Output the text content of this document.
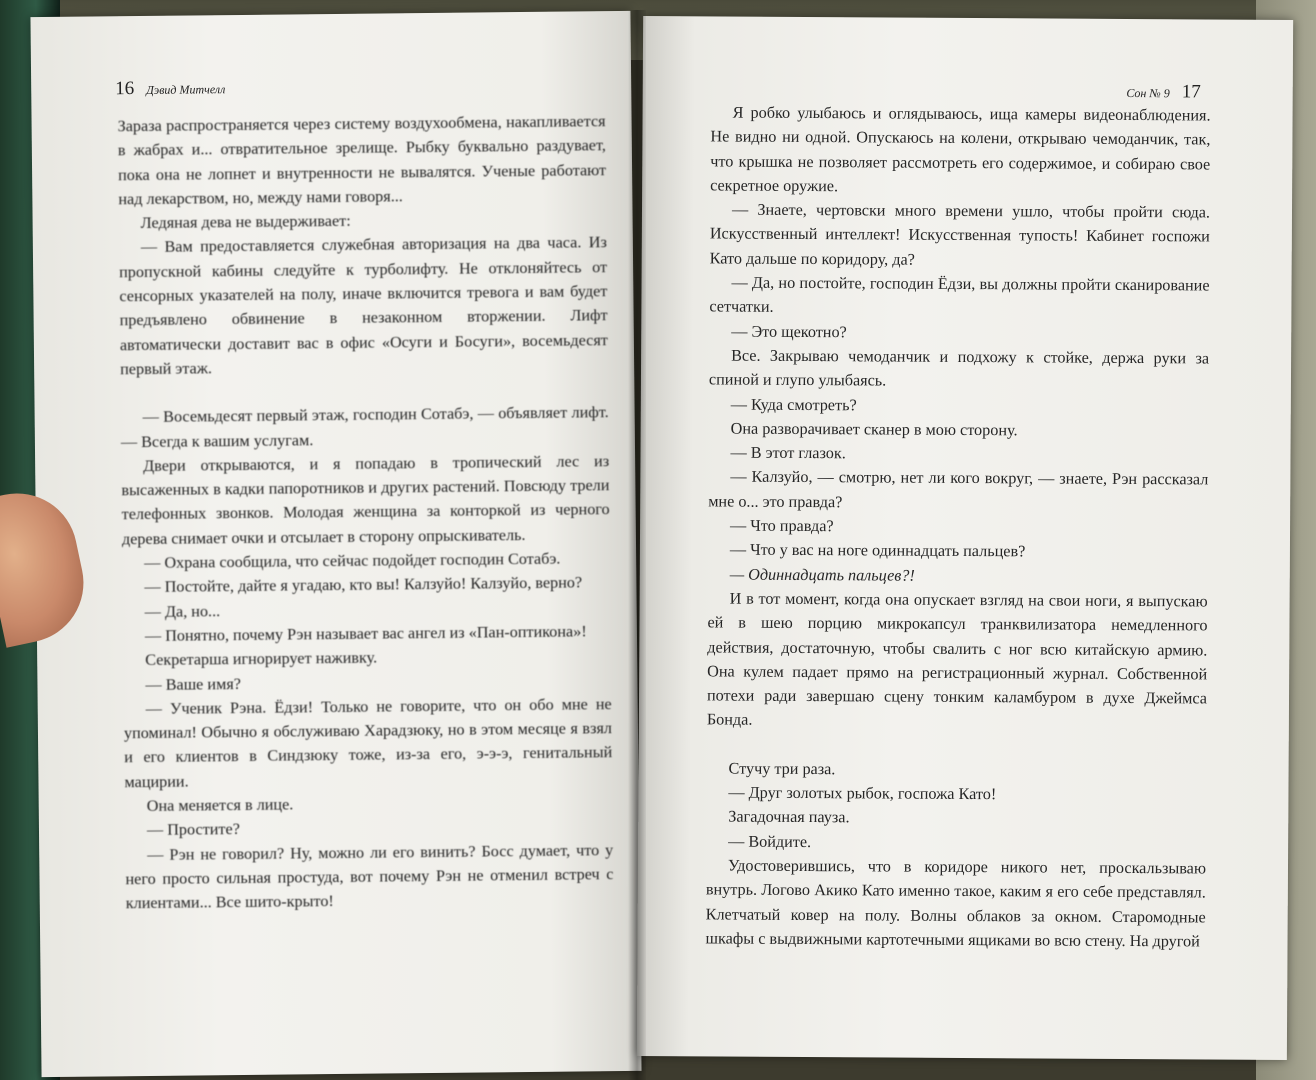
16 Дэвид Митчелл

Зараза распространяется через систему воздухообмена, накапливается в жабрах и... отвратительное зрелище. Рыбку буквально раздувает, пока она не лопнет и внутренности не вывалятся. Ученые работают над лекарством, но, между нами говоря...

Ледяная дева не выдерживает:

— Вам предоставляется служебная авторизация на два часа. Из пропускной кабины следуйте к турболифту. Не отклоняйтесь от сенсорных указателей на полу, иначе включится тревога и вам будет предъявлено обвинение в незаконном вторжении. Лифт автоматически доставит вас в офис «Осуги и Босуги», восемьдесят первый этаж.

— Восемьдесят первый этаж, господин Сотабэ, — объявляет лифт. — Всегда к вашим услугам.

Двери открываются, и я попадаю в тропический лес из высаженных в кадки папоротников и других растений. Повсюду трели телефонных звонков. Молодая женщина за конторкой из черного дерева снимает очки и отсылает в сторону опрыскиватель.

— Охрана сообщила, что сейчас подойдет господин Сотабэ.

— Постойте, дайте я угадаю, кто вы! Калзуйо! Калзуйо, верно?

— Да, но...

— Понятно, почему Рэн называет вас ангел из «Пан-оптикона»!

Секретарша игнорирует наживку.

— Ваше имя?

— Ученик Рэна. Ёдзи! Только не говорите, что он обо мне не упоминал! Обычно я обслуживаю Харадзюку, но в этом месяце я взял и его клиентов в Синдзюку тоже, из-за его, э-э-э, генитальный мацирии.

Она меняется в лице.

— Простите?

— Рэн не говорил? Ну, можно ли его винить? Босс думает, что у него просто сильная простуда, вот почему Рэн не отменил встреч с клиентами... Все шито-крыто!

Сон № 9 17

Я робко улыбаюсь и оглядываюсь, ища камеры видеонаблюдения. Не видно ни одной. Опускаюсь на колени, открываю чемоданчик, так, что крышка не позволяет рассмотреть его содержимое, и собираю свое секретное оружие.

— Знаете, чертовски много времени ушло, чтобы пройти сюда. Искусственный интеллект! Искусственная тупость! Кабинет госпожи Като дальше по коридору, да?

— Да, но постойте, господин Ёдзи, вы должны пройти сканирование сетчатки.

— Это щекотно?

Все. Закрываю чемоданчик и подхожу к стойке, держа руки за спиной и глупо улыбаясь.

— Куда смотреть?

Она разворачивает сканер в мою сторону.

— В этот глазок.

— Калзуйо, — смотрю, нет ли кого вокруг, — знаете, Рэн рассказал мне о... это правда?

— Что правда?

— Что у вас на ноге одиннадцать пальцев?

— Одиннадцать пальцев?!

И в тот момент, когда она опускает взгляд на свои ноги, я выпускаю ей в шею порцию микрокапсул транквилизатора немедленного действия, достаточную, чтобы свалить с ног всю китайскую армию. Она кулем падает прямо на регистрационный журнал. Собственной потехи ради завершаю сцену тонким каламбуром в духе Джеймса Бонда.

Стучу три раза.

— Друг золотых рыбок, госпожа Като!

Загадочная пауза.

— Войдите.

Удостоверившись, что в коридоре никого нет, проскальзываю внутрь. Логово Акико Като именно такое, каким я его себе представлял. Клетчатый ковер на полу. Волны облаков за окном. Старомодные шкафы с выдвижными картотечными ящиками во всю стену. На другой
